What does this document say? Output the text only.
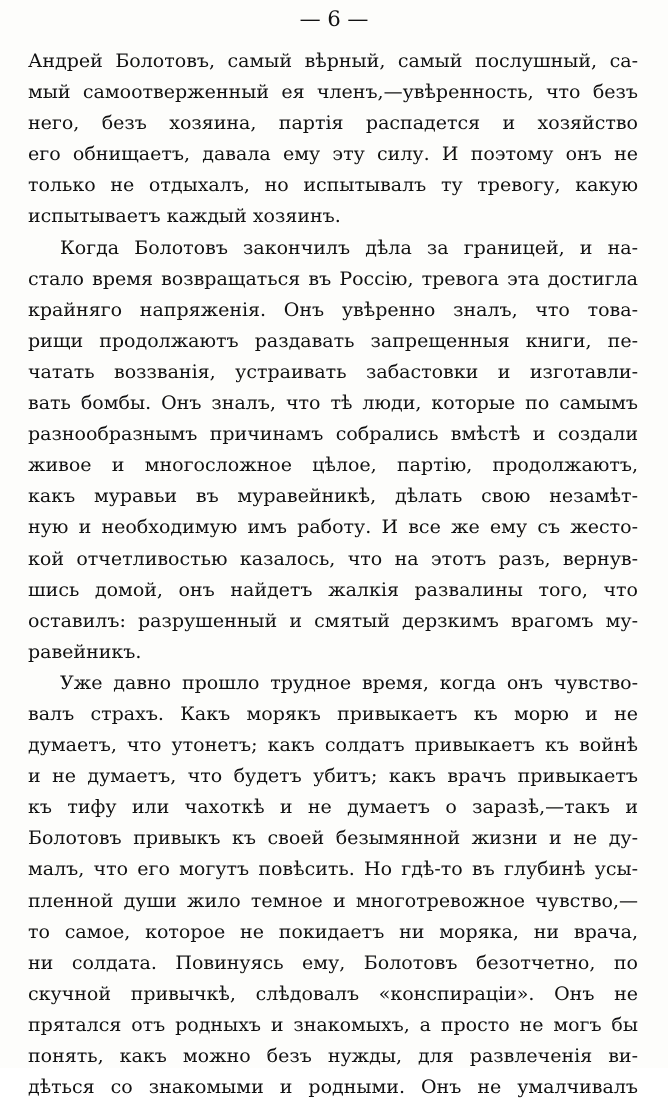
— 6 —
Андрей Болотовъ, самый вѣрный, самый послушный, са-
мый самоотверженный ея членъ,—увѣренность, что безъ
него, безъ хозяина, партія распадется и хозяйство
его обнищаетъ, давала ему эту силу. И поэтому онъ не
только не отдыхалъ, но испытывалъ ту тревогу, какую
испытываетъ каждый хозяинъ.
Когда Болотовъ закончилъ дѣла за границей, и на-
стало время возвращаться въ Россію, тревога эта достигла
крайняго напряженія. Онъ увѣренно зналъ, что това-
рищи продолжаютъ раздавать запрещенныя книги, пе-
чатать воззванія, устраивать забастовки и изготавли-
вать бомбы. Онъ зналъ, что тѣ люди, которые по самымъ
разнообразнымъ причинамъ собрались вмѣстѣ и создали
живое и многосложное цѣлое, партію, продолжаютъ,
какъ муравьи въ муравейникѣ, дѣлать свою незамѣт-
ную и необходимую имъ работу. И все же ему съ жесто-
кой отчетливостью казалось, что на этотъ разъ, вернув-
шись домой, онъ найдетъ жалкія развалины того, что
оставилъ: разрушенный и смятый дерзкимъ врагомъ му-
равейникъ.
Уже давно прошло трудное время, когда онъ чувство-
валъ страхъ. Какъ морякъ привыкаетъ къ морю и не
думаетъ, что утонетъ; какъ солдатъ привыкаетъ къ войнѣ
и не думаетъ, что будетъ убитъ; какъ врачъ привыкаетъ
къ тифу или чахоткѣ и не думаетъ о заразѣ,—такъ и
Болотовъ привыкъ къ своей безымянной жизни и не ду-
малъ, что его могутъ повѣсить. Но гдѣ-то въ глубинѣ усы-
пленной души жило темное и многотревожное чувство,—
то самое, которое не покидаетъ ни моряка, ни врача,
ни солдата. Повинуясь ему, Болотовъ безотчетно, по
скучной привычкѣ, слѣдовалъ «конспираціи». Онъ не
прятался отъ родныхъ и знакомыхъ, а просто не могъ бы
понять, какъ можно безъ нужды, для развлеченія ви-
дѣться со знакомыми и родными. Онъ не умалчивалъ
